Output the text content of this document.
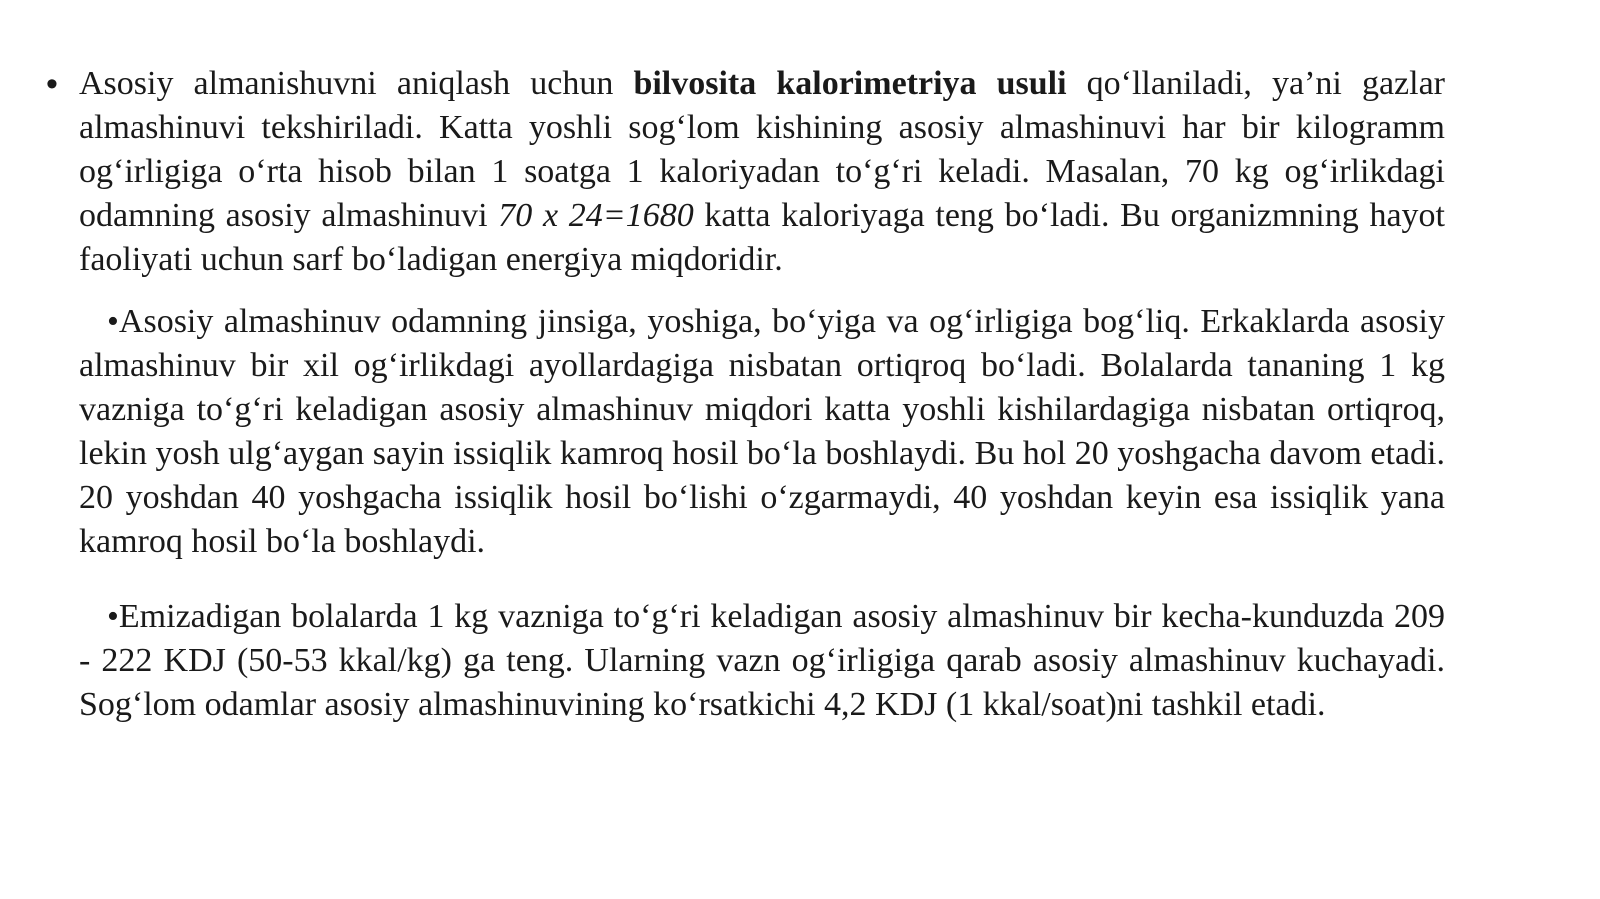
• Asosiy almanishuvni aniqlash uchun bilvosita kalorimetriya usuli qo‘llaniladi, ya’ni gazlar almashinuvi tekshiriladi. Katta yoshli sog‘lom kishining asosiy almashinuvi har bir kilogramm og‘irligiga o‘rta hisob bilan 1 soatga 1 kaloriyadan to‘g‘ri keladi. Masalan, 70 kg og‘irlikdagi odamning asosiy almashinuvi 70 x 24=1680 katta kaloriyaga teng bo‘ladi. Bu organizmning hayot faoliyati uchun sarf bo‘ladigan energiya miqdoridir.

•Asosiy almashinuv odamning jinsiga, yoshiga, bo‘yiga va og‘irligiga bog‘liq. Erkaklarda asosiy almashinuv bir xil og‘irlikdagi ayollardagiga nisbatan ortiqroq bo‘ladi. Bolalarda tananing 1 kg vazniga to‘g‘ri keladigan asosiy almashinuv miqdori katta yoshli kishilardagiga nisbatan ortiqroq, lekin yosh ulg‘aygan sayin issiqlik kamroq hosil bo‘la boshlaydi. Bu hol 20 yoshgacha davom etadi. 20 yoshdan 40 yoshgacha issiqlik hosil bo‘lishi o‘zgarmaydi, 40 yoshdan keyin esa issiqlik yana kamroq hosil bo‘la boshlaydi.

•Emizadigan bolalarda 1 kg vazniga to‘g‘ri keladigan asosiy almashinuv bir kecha-kunduzda 209 - 222 KDJ (50-53 kkal/kg) ga teng. Ularning vazn og‘irligiga qarab asosiy almashinuv kuchayadi. Sog‘lom odamlar asosiy almashinuvining ko‘rsatkichi 4,2 KDJ (1 kkal/soat)ni tashkil etadi.
